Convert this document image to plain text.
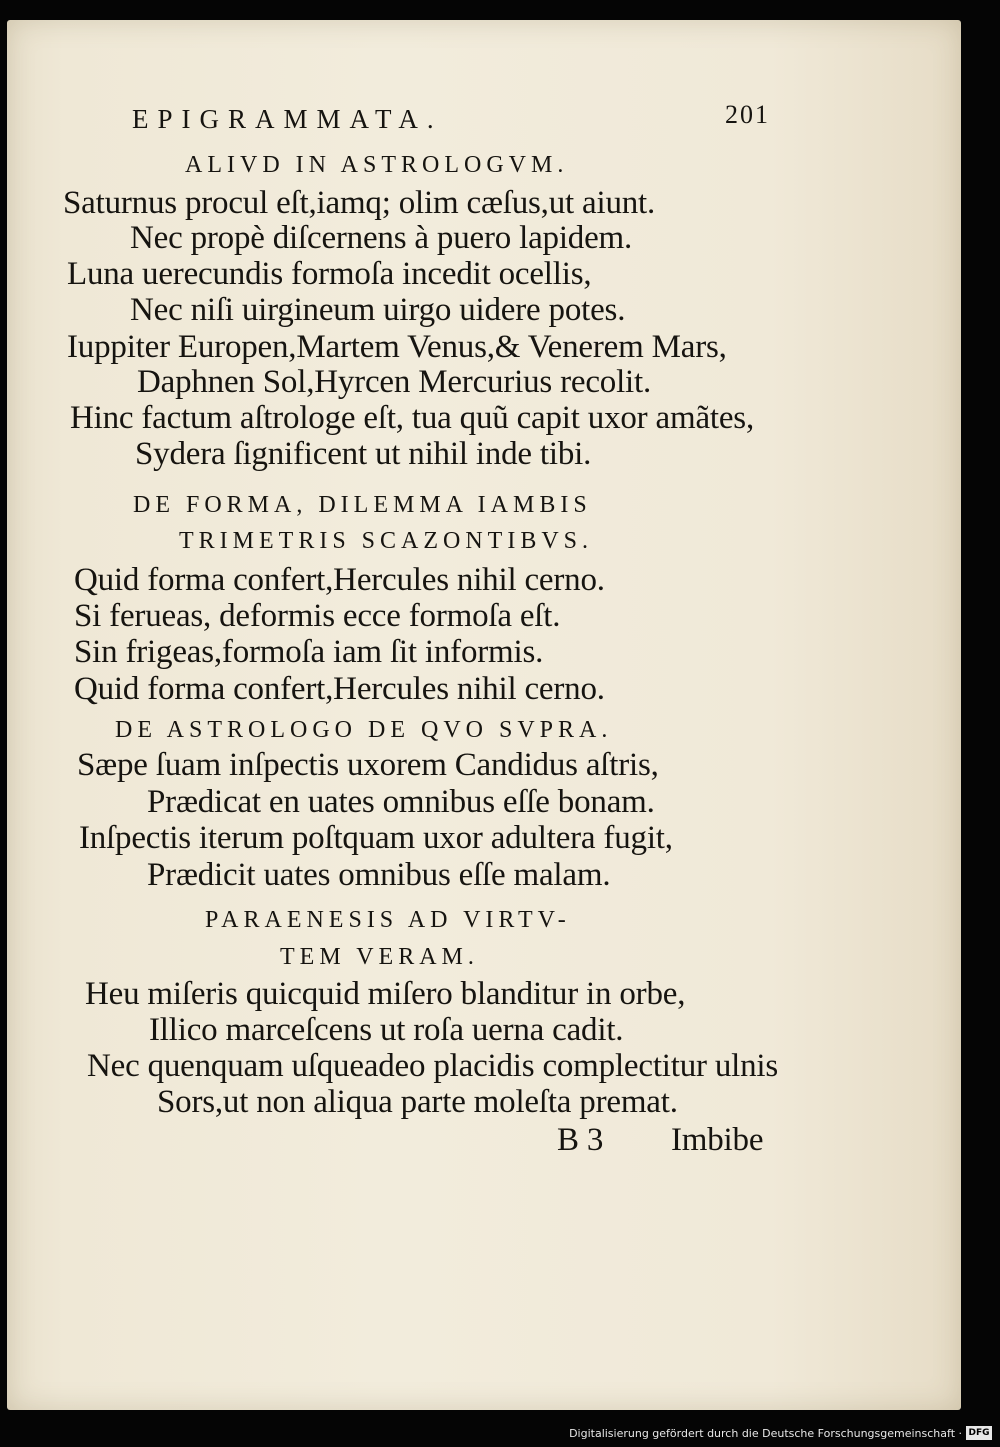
EPIGRAMMATA.	201
ALIVD IN ASTROLOGVM.
Saturnus procul eſt,iamq; olim cæſus,ut aiunt.
Nec propè diſcernens à puero lapidem.
Luna uerecundis formoſa incedit ocellis,
Nec niſi uirgineum uirgo uidere potes.
Iuppiter Europen,Martem Venus,& Venerem Mars,
Daphnen Sol,Hyrcen Mercurius recolit.
Hinc factum aſtrologe eſt, tua quũ capit uxor amãtes,
Sydera ſignificent ut nihil inde tibi.
DE FORMA, DILEMMA IAMBIS
TRIMETRIS SCAZONTIBVS.
Quid forma confert,Hercules nihil cerno.
Si ferueas, deformis ecce formoſa eſt.
Sin frigeas,formoſa iam ſit informis.
Quid forma confert,Hercules nihil cerno.
DE ASTROLOGO DE QVO SVPRA.
Sæpe ſuam inſpectis uxorem Candidus aſtris,
Prædicat en uates omnibus eſſe bonam.
Inſpectis iterum poſtquam uxor adultera fugit,
Prædicit uates omnibus eſſe malam.
PARAENESIS AD VIRTV-
TEM VERAM.
Heu miſeris quicquid miſero blanditur in orbe,
Illico marceſcens ut roſa uerna cadit.
Nec quenquam uſqueadeo placidis complectitur ulnis
Sors,ut non aliqua parte moleſta premat.
B 3 Imbibe
Digitalisierung gefördert durch die Deutsche Forschungsgemeinschaft · DFG
